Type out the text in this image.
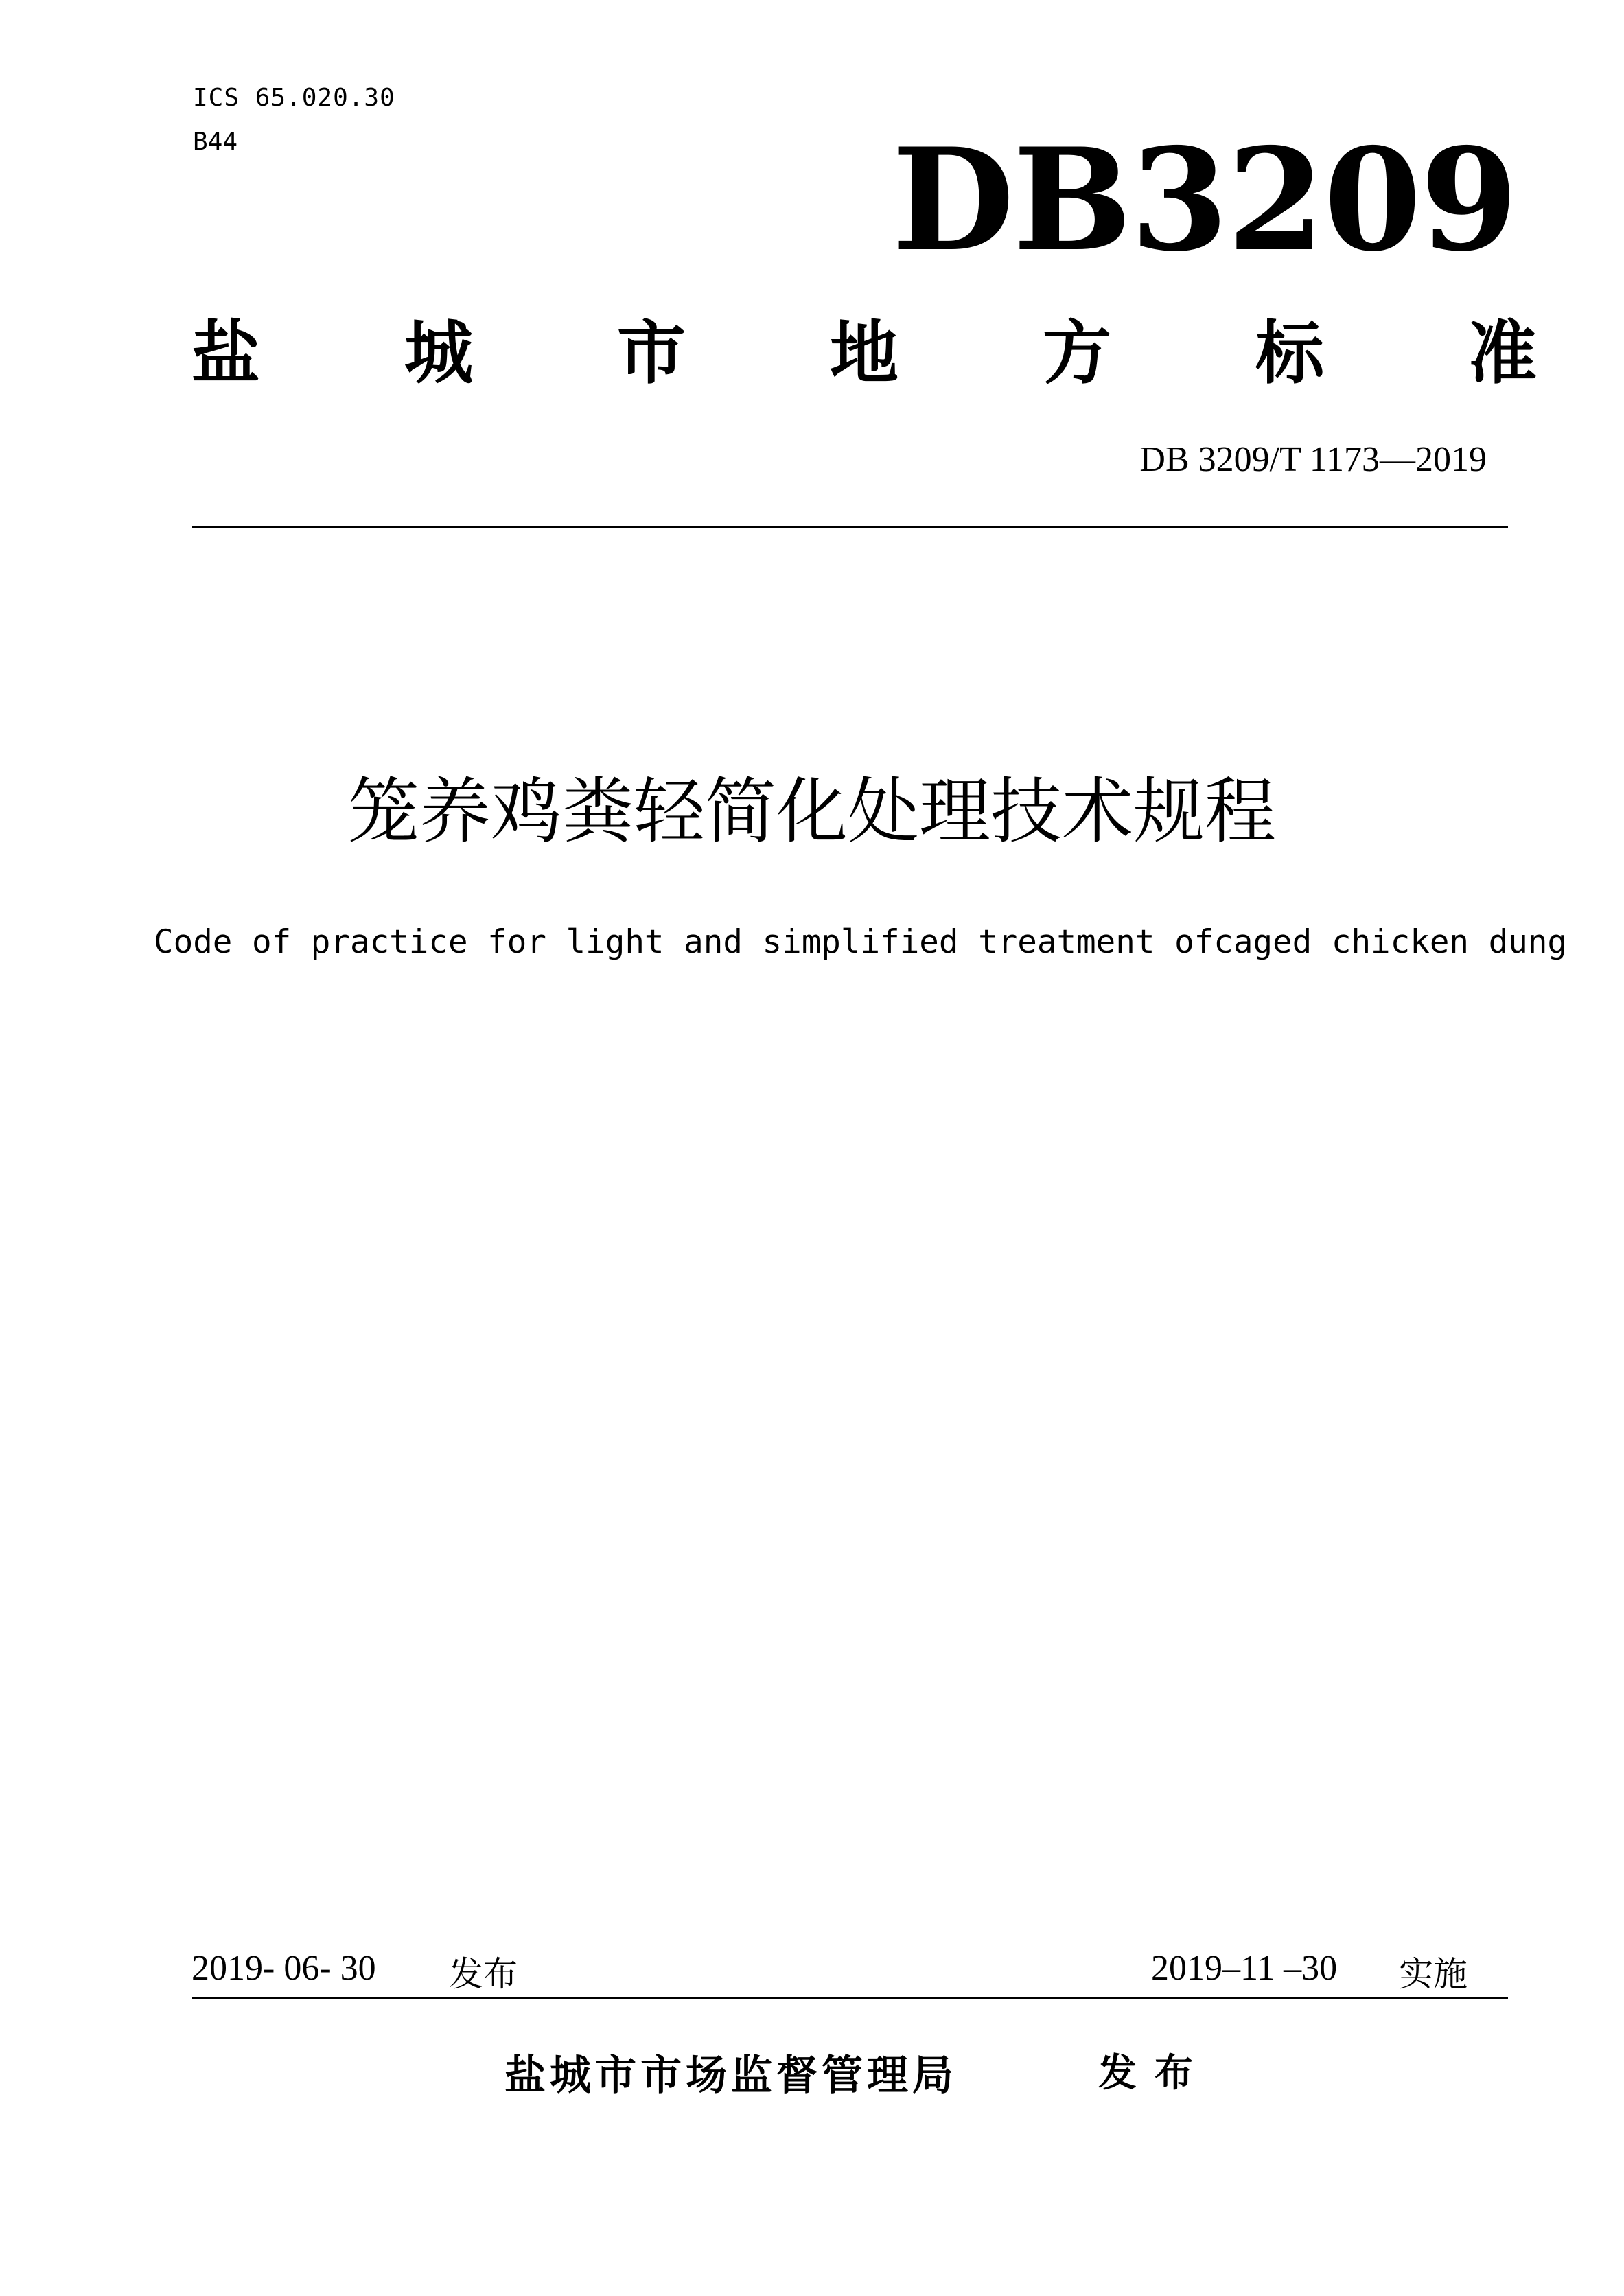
ICS 65.020.30
B44	DB3209
盐 城 市 地 方 标 准
DB 3209/T 1173—2019
笼养鸡粪轻简化处理技术规程
Code of practice for light and simplified treatment ofcaged chicken dung
2019- 06- 30 发布	2019–11 –30 实施
盐城市市场监督管理局	发布
